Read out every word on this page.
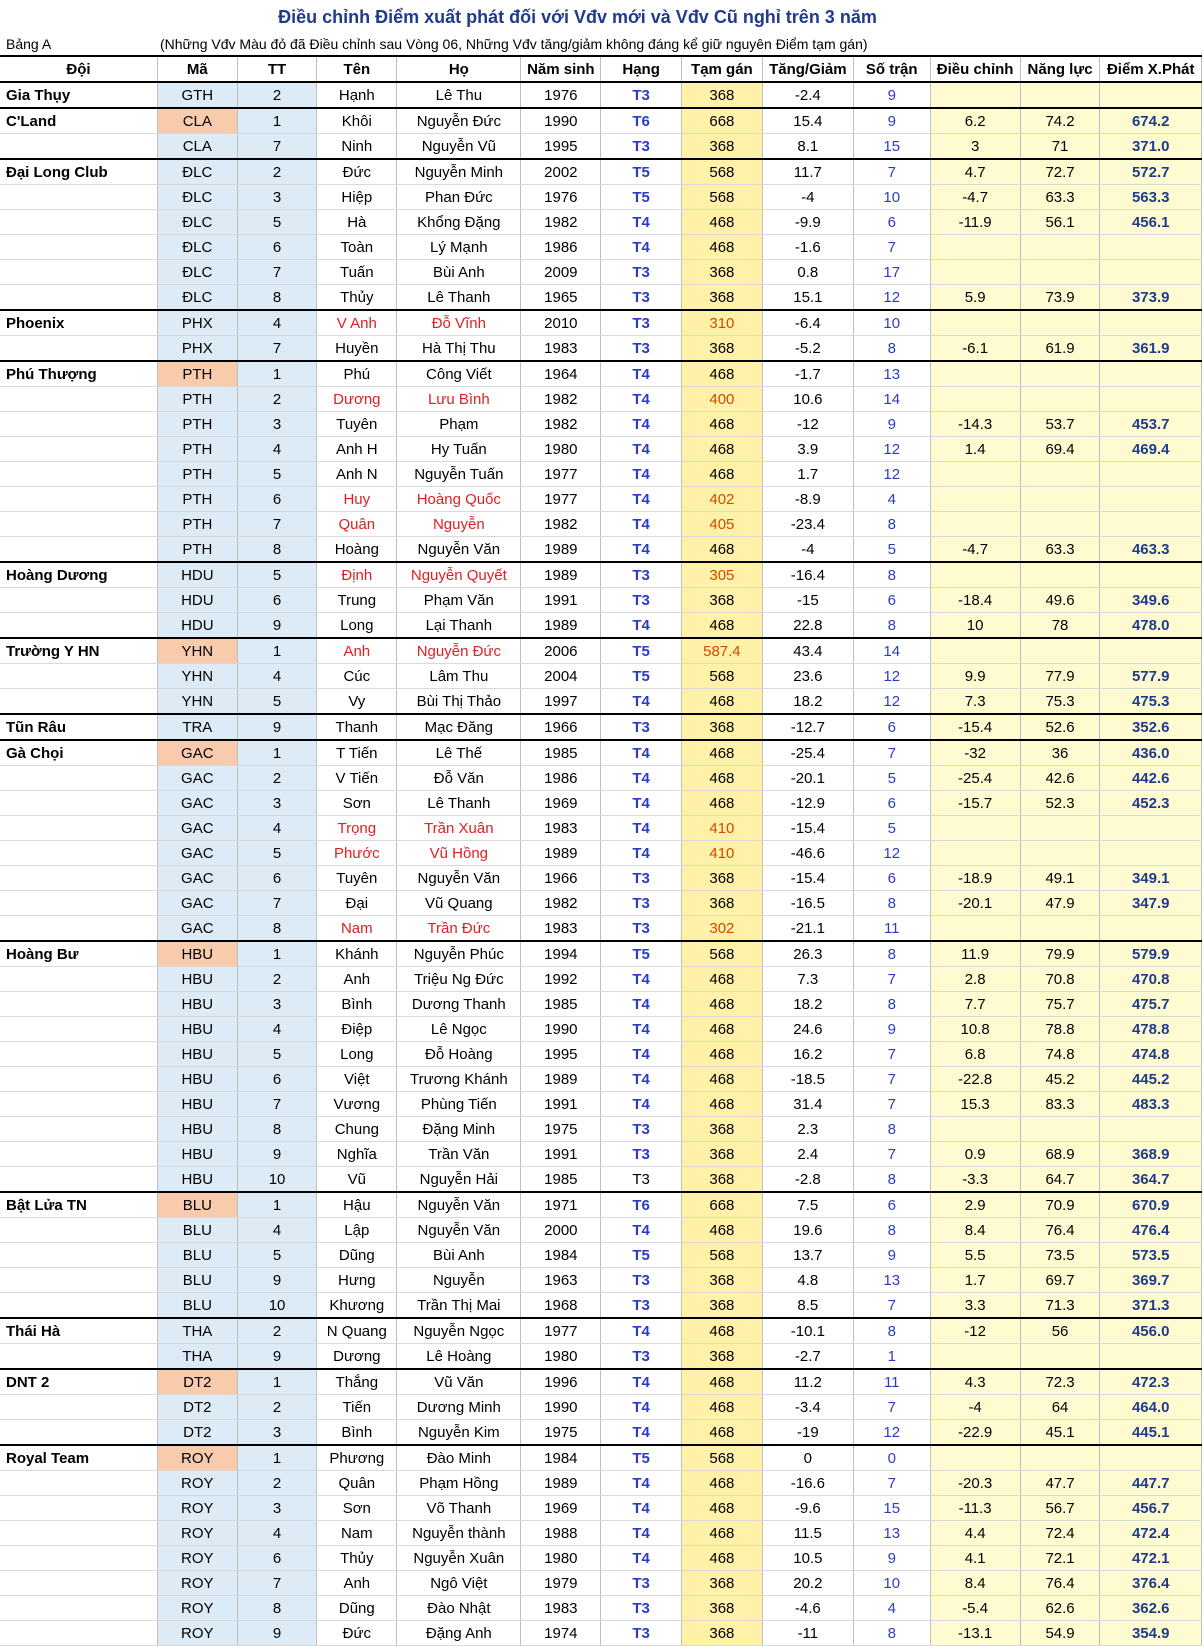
Điều chỉnh Điểm xuất phát đối với Vđv mới và Vđv Cũ nghỉ trên 3 năm
Bảng A	(Những Vđv Màu đỏ đã Điều chỉnh sau Vòng 06, Những Vđv tăng/giảm không đáng kể giữ nguyên Điểm tạm gán)
Đội	Mã	TT	Tên	Họ	Năm sinh	Hạng	Tạm gán	Tăng/Giảm	Số trận	Điều chỉnh	Năng lực	Điểm X.Phát
Gia Thụy	GTH	2	Hạnh	Lê Thu	1976	T3	368	-2.4	9			
C'Land	CLA	1	Khôi	Nguyễn Đức	1990	T6	668	15.4	9	6.2	74.2	674.2
	CLA	7	Ninh	Nguyễn Vũ	1995	T3	368	8.1	15	3	71	371.0
Đại Long Club	ĐLC	2	Đức	Nguyễn Minh	2002	T5	568	11.7	7	4.7	72.7	572.7
	ĐLC	3	Hiệp	Phan Đức	1976	T5	568	-4	10	-4.7	63.3	563.3
	ĐLC	5	Hà	Khổng Đặng	1982	T4	468	-9.9	6	-11.9	56.1	456.1
	ĐLC	6	Toàn	Lý Mạnh	1986	T4	468	-1.6	7			
	ĐLC	7	Tuấn	Bùi Anh	2009	T3	368	0.8	17			
	ĐLC	8	Thủy	Lê Thanh	1965	T3	368	15.1	12	5.9	73.9	373.9
Phoenix	PHX	4	V Anh	Đỗ Vĩnh	2010	T3	310	-6.4	10			
	PHX	7	Huyền	Hà Thị Thu	1983	T3	368	-5.2	8	-6.1	61.9	361.9
Phú Thượng	PTH	1	Phú	Công Viết	1964	T4	468	-1.7	13			
	PTH	2	Dương	Lưu Bình	1982	T4	400	10.6	14			
	PTH	3	Tuyên	Phạm	1982	T4	468	-12	9	-14.3	53.7	453.7
	PTH	4	Anh H	Hy Tuấn	1980	T4	468	3.9	12	1.4	69.4	469.4
	PTH	5	Anh N	Nguyễn Tuấn	1977	T4	468	1.7	12			
	PTH	6	Huy	Hoàng Quốc	1977	T4	402	-8.9	4			
	PTH	7	Quân	Nguyễn	1982	T4	405	-23.4	8			
	PTH	8	Hoàng	Nguyễn Văn	1989	T4	468	-4	5	-4.7	63.3	463.3
Hoàng Dương	HDU	5	Định	Nguyễn Quyết	1989	T3	305	-16.4	8			
	HDU	6	Trung	Phạm Văn	1991	T3	368	-15	6	-18.4	49.6	349.6
	HDU	9	Long	Lại Thanh	1989	T4	468	22.8	8	10	78	478.0
Trường Y HN	YHN	1	Anh	Nguyễn Đức	2006	T5	587.4	43.4	14			
	YHN	4	Cúc	Lâm Thu	2004	T5	568	23.6	12	9.9	77.9	577.9
	YHN	5	Vy	Bùi Thị Thảo	1997	T4	468	18.2	12	7.3	75.3	475.3
Tũn Râu	TRA	9	Thanh	Mạc Đăng	1966	T3	368	-12.7	6	-15.4	52.6	352.6
Gà Chọi	GAC	1	T Tiến	Lê Thế	1985	T4	468	-25.4	7	-32	36	436.0
	GAC	2	V Tiến	Đỗ Văn	1986	T4	468	-20.1	5	-25.4	42.6	442.6
	GAC	3	Sơn	Lê Thanh	1969	T4	468	-12.9	6	-15.7	52.3	452.3
	GAC	4	Trọng	Trần Xuân	1983	T4	410	-15.4	5			
	GAC	5	Phước	Vũ Hồng	1989	T4	410	-46.6	12			
	GAC	6	Tuyên	Nguyễn Văn	1966	T3	368	-15.4	6	-18.9	49.1	349.1
	GAC	7	Đại	Vũ Quang	1982	T3	368	-16.5	8	-20.1	47.9	347.9
	GAC	8	Nam	Trần Đức	1983	T3	302	-21.1	11			
Hoàng Bư	HBU	1	Khánh	Nguyễn Phúc	1994	T5	568	26.3	8	11.9	79.9	579.9
	HBU	2	Anh	Triệu Ng Đức	1992	T4	468	7.3	7	2.8	70.8	470.8
	HBU	3	Bình	Dương Thanh	1985	T4	468	18.2	8	7.7	75.7	475.7
	HBU	4	Điệp	Lê Ngọc	1990	T4	468	24.6	9	10.8	78.8	478.8
	HBU	5	Long	Đỗ Hoàng	1995	T4	468	16.2	7	6.8	74.8	474.8
	HBU	6	Việt	Trương Khánh	1989	T4	468	-18.5	7	-22.8	45.2	445.2
	HBU	7	Vương	Phùng Tiến	1991	T4	468	31.4	7	15.3	83.3	483.3
	HBU	8	Chung	Đặng Minh	1975	T3	368	2.3	8			
	HBU	9	Nghĩa	Trần Văn	1991	T3	368	2.4	7	0.9	68.9	368.9
	HBU	10	Vũ	Nguyễn Hải	1985	T3	368	-2.8	8	-3.3	64.7	364.7
Bật Lửa TN	BLU	1	Hậu	Nguyễn Văn	1971	T6	668	7.5	6	2.9	70.9	670.9
	BLU	4	Lập	Nguyễn Văn	2000	T4	468	19.6	8	8.4	76.4	476.4
	BLU	5	Dũng	Bùi Anh	1984	T5	568	13.7	9	5.5	73.5	573.5
	BLU	9	Hưng	Nguyễn	1963	T3	368	4.8	13	1.7	69.7	369.7
	BLU	10	Khương	Trần Thị Mai	1968	T3	368	8.5	7	3.3	71.3	371.3
Thái Hà	THA	2	N Quang	Nguyễn Ngọc	1977	T4	468	-10.1	8	-12	56	456.0
	THA	9	Dương	Lê Hoàng	1980	T3	368	-2.7	1			
DNT 2	DT2	1	Thắng	Vũ Văn	1996	T4	468	11.2	11	4.3	72.3	472.3
	DT2	2	Tiến	Dương Minh	1990	T4	468	-3.4	7	-4	64	464.0
	DT2	3	Bình	Nguyễn Kim	1975	T4	468	-19	12	-22.9	45.1	445.1
Royal Team	ROY	1	Phương	Đào Minh	1984	T5	568	0	0			
	ROY	2	Quân	Phạm Hồng	1989	T4	468	-16.6	7	-20.3	47.7	447.7
	ROY	3	Sơn	Võ Thanh	1969	T4	468	-9.6	15	-11.3	56.7	456.7
	ROY	4	Nam	Nguyễn thành	1988	T4	468	11.5	13	4.4	72.4	472.4
	ROY	6	Thủy	Nguyễn Xuân	1980	T4	468	10.5	9	4.1	72.1	472.1
	ROY	7	Anh	Ngô Việt	1979	T3	368	20.2	10	8.4	76.4	376.4
	ROY	8	Dũng	Đào Nhật	1983	T3	368	-4.6	4	-5.4	62.6	362.6
	ROY	9	Đức	Đặng Anh	1974	T3	368	-11	8	-13.1	54.9	354.9
